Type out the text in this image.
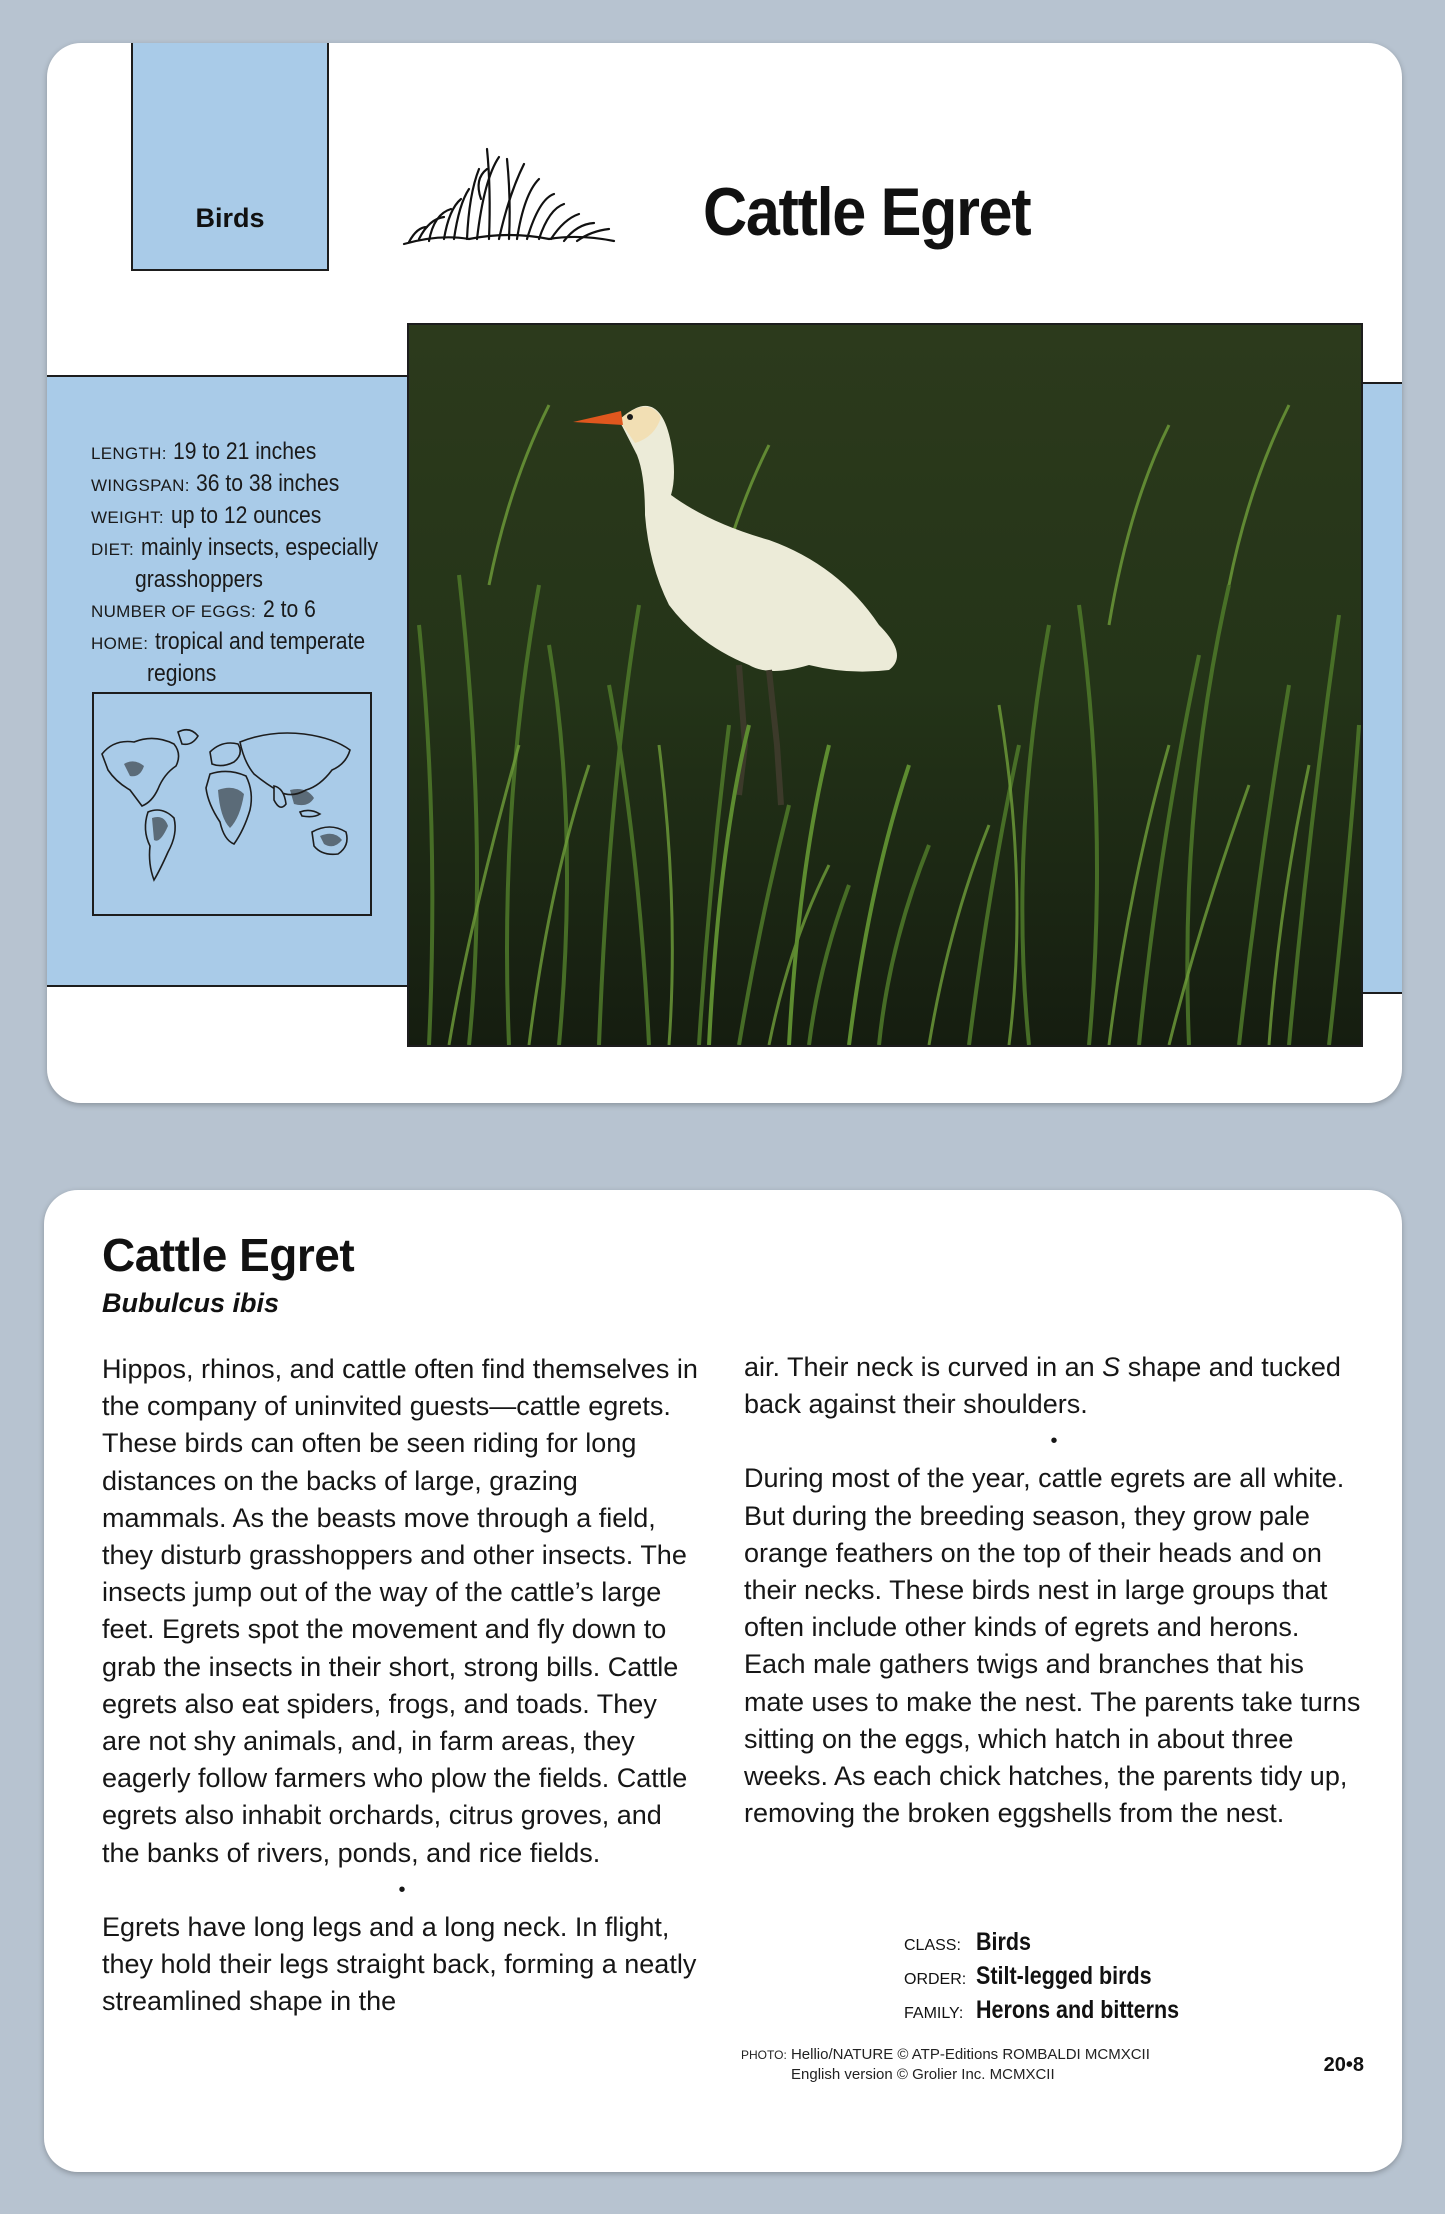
Birds	Cattle Egret
LENGTH: 19 to 21 inches
WINGSPAN: 36 to 38 inches
WEIGHT: up to 12 ounces
DIET: mainly insects, especially
grasshoppers
NUMBER OF EGGS: 2 to 6
HOME: tropical and temperate
regions
Cattle Egret
Bubulcus ibis

Hippos, rhinos, and cattle often find themselves in the company of uninvited guests—cattle egrets. These birds can often be seen riding for long distances on the backs of large, grazing mammals. As the beasts move through a field, they disturb grasshoppers and other insects. The insects jump out of the way of the cattle’s large feet. Egrets spot the movement and fly down to grab the insects in their short, strong bills. Cattle egrets also eat spiders, frogs, and toads. They are not shy animals, and, in farm areas, they eagerly follow farmers who plow the fields. Cattle egrets also inhabit orchards, citrus groves, and the banks of rivers, ponds, and rice fields.

•

Egrets have long legs and a long neck. In flight, they hold their legs straight back, forming a neatly streamlined shape in the

air. Their neck is curved in an S shape and tucked back against their shoulders.

•

During most of the year, cattle egrets are all white. But during the breeding season, they grow pale orange feathers on the top of their heads and on their necks. These birds nest in large groups that often include other kinds of egrets and herons. Each male gathers twigs and branches that his mate uses to make the nest. The parents take turns sitting on the eggs, which hatch in about three weeks. As each chick hatches, the parents tidy up, removing the broken eggshells from the nest.

CLASS: Birds
ORDER: Stilt-legged birds
FAMILY: Herons and bitterns
PHOTO: Hellio/NATURE © ATP-Editions ROMBALDI MCMXCII
English version © Grolier Inc. MCMXCII	20•8
